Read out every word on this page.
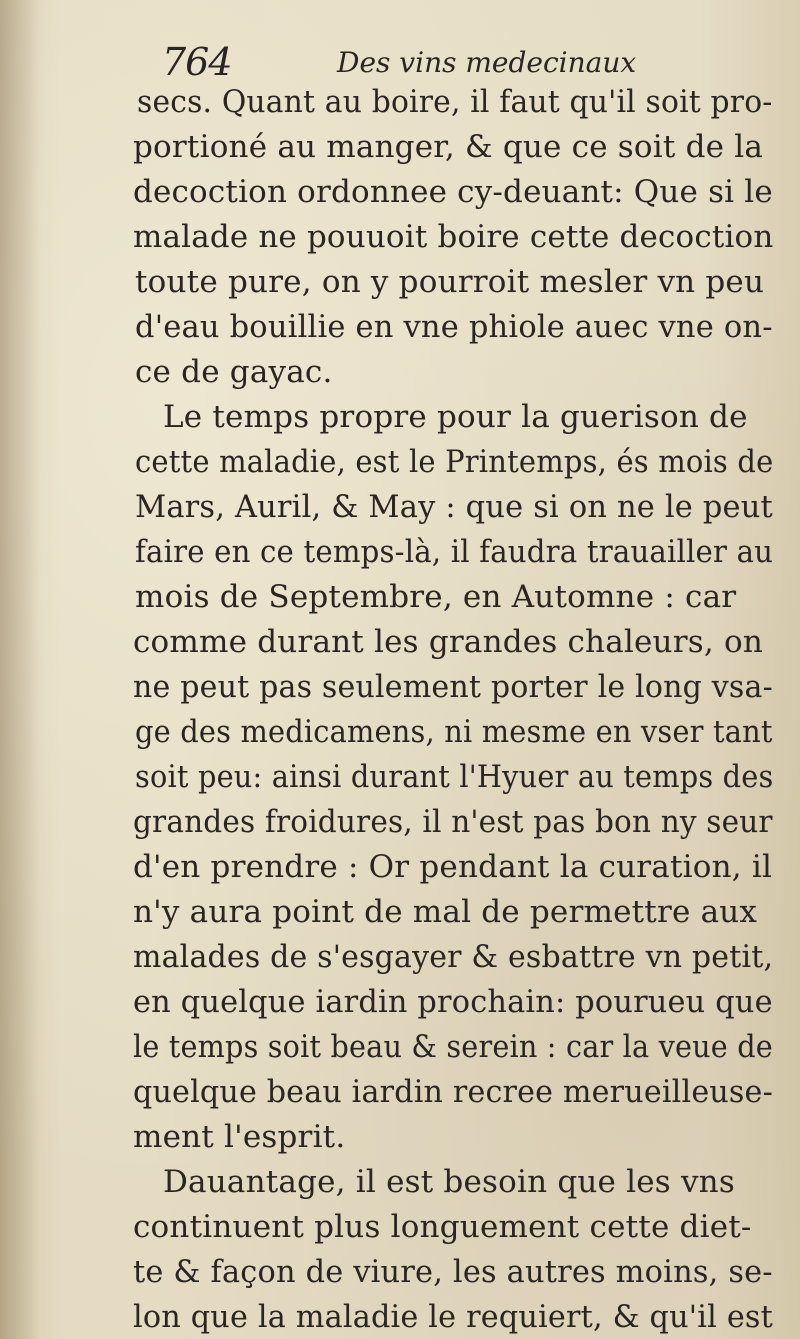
764	Des vins medecinaux
secs. Quant au boire, il faut qu'il soit pro-
portioné au manger, & que ce soit de la
decoction ordonnee cy-deuant: Que si le
malade ne pouuoit boire cette decoction
toute pure, on y pourroit mesler vn peu
d'eau bouillie en vne phiole auec vne on-
ce de gayac.
Le temps propre pour la guerison de
cette maladie, est le Printemps, és mois de
Mars, Auril, & May : que si on ne le peut
faire en ce temps-là, il faudra trauailler au
mois de Septembre, en Automne : car
comme durant les grandes chaleurs, on
ne peut pas seulement porter le long vsa-
ge des medicamens, ni mesme en vser tant
soit peu: ainsi durant l'Hyuer au temps des
grandes froidures, il n'est pas bon ny seur
d'en prendre : Or pendant la curation, il
n'y aura point de mal de permettre aux
malades de s'esgayer & esbattre vn petit,
en quelque iardin prochain: pourueu que
le temps soit beau & serein : car la veue de
quelque beau iardin recree merueilleuse-
ment l'esprit.
Dauantage, il est besoin que les vns
continuent plus longuement cette diet-
te & façon de viure, les autres moins, se-
lon que la maladie le requiert, & qu'il est
